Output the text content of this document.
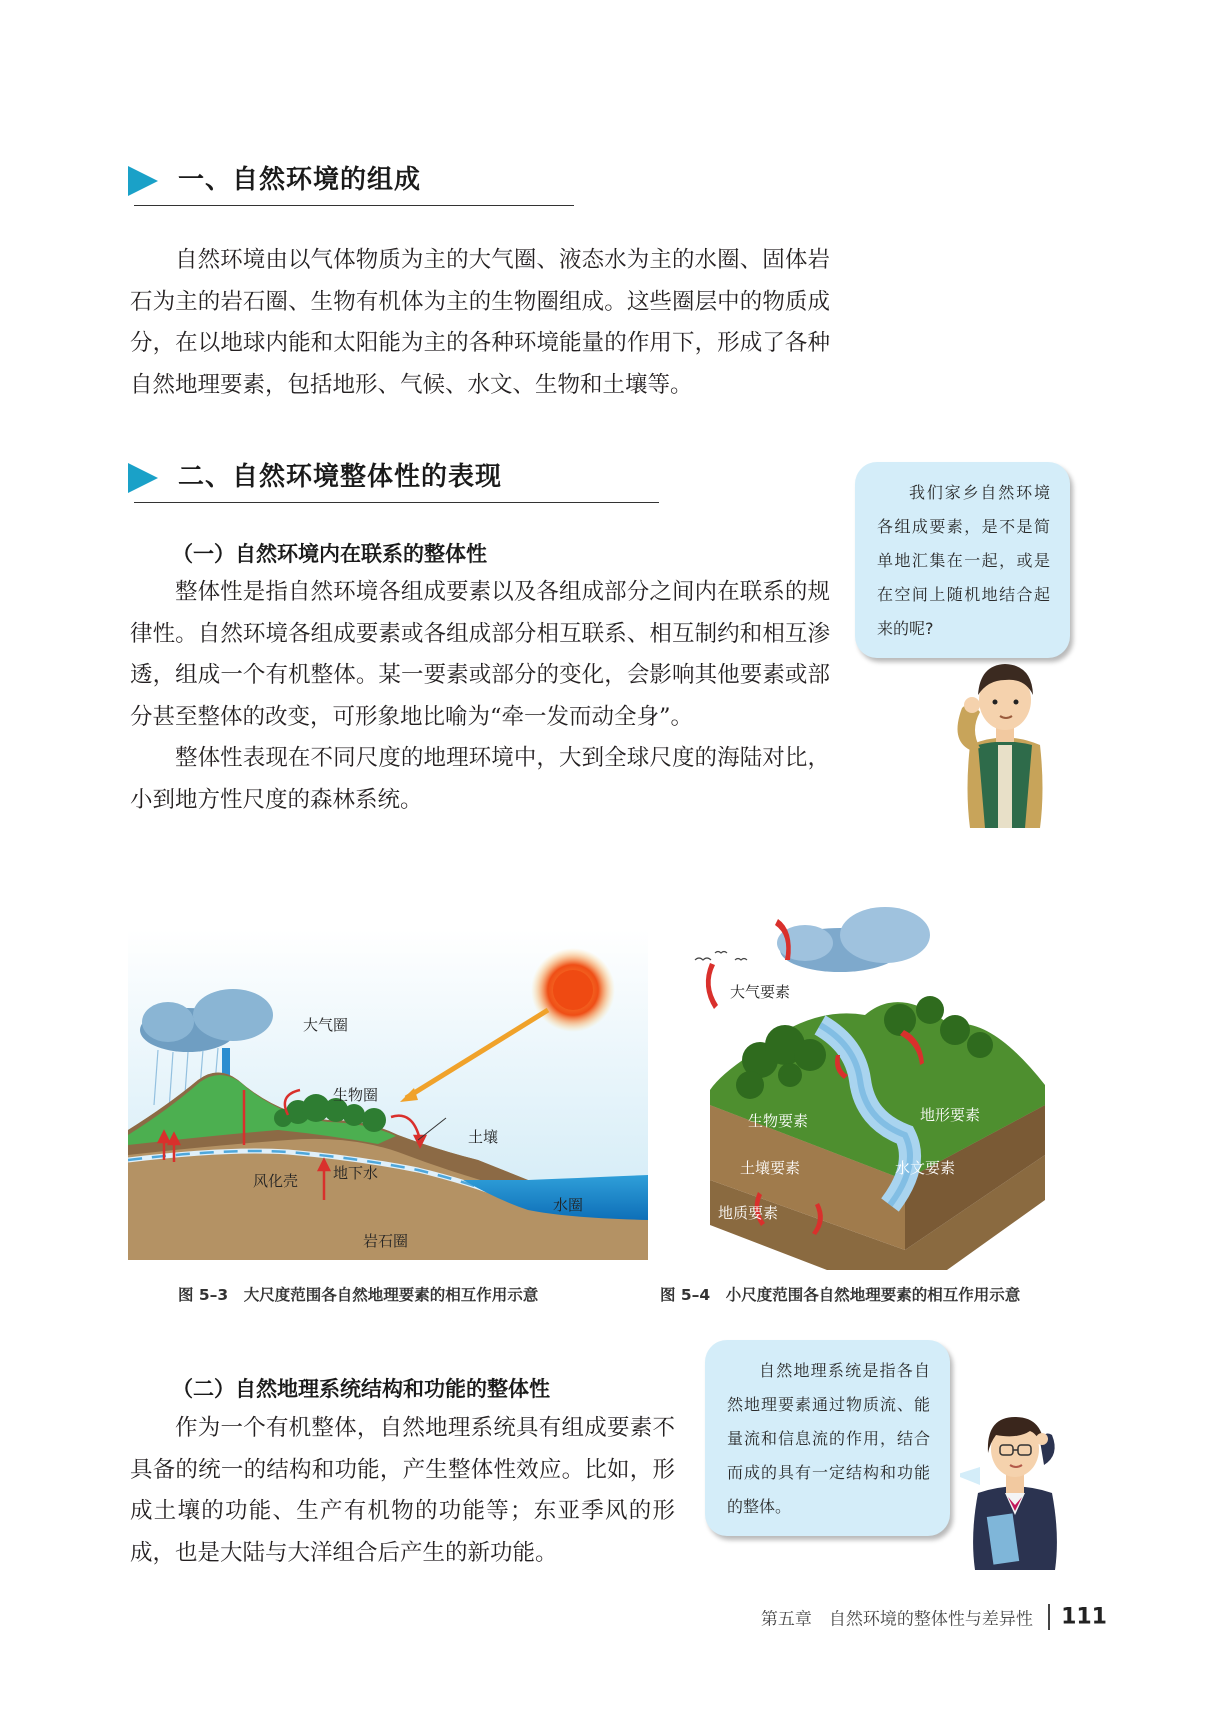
一、自然环境的组成

自然环境由以气体物质为主的大气圈、液态水为主的水圈、固体岩石为主的岩石圈、生物有机体为主的生物圈组成。这些圈层中的物质成分，在以地球内能和太阳能为主的各种环境能量的作用下，形成了各种自然地理要素，包括地形、气候、水文、生物和土壤等。

二、自然环境整体性的表现
（一）自然环境内在联系的整体性

整体性是指自然环境各组成要素以及各组成部分之间内在联系的规律性。自然环境各组成要素或各组成部分相互联系、相互制约和相互渗透，组成一个有机整体。某一要素或部分的变化，会影响其他要素或部分甚至整体的改变，可形象地比喻为“牵一发而动全身”。

整体性表现在不同尺度的地理环境中，大到全球尺度的海陆对比，小到地方性尺度的森林系统。

我们家乡自然环境各组成要素，是不是简单地汇集在一起，或是在空间上随机地结合起来的呢?
大气圈
生物圈
土壤
地下水
风化壳
水圈
岩石圈
图 5–3　大尺度范围各自然地理要素的相互作用示意
大气要素
生物要素	地形要素
土壤要素	水文要素
地质要素
图 5–4　小尺度范围各自然地理要素的相互作用示意
（二）自然地理系统结构和功能的整体性

作为一个有机整体，自然地理系统具有组成要素不具备的统一的结构和功能，产生整体性效应。比如，形成土壤的功能、生产有机物的功能等；东亚季风的形成，也是大陆与大洋组合后产生的新功能。

自然地理系统是指各自然地理要素通过物质流、能量流和信息流的作用，结合而成的具有一定结构和功能的整体。
第五章　自然环境的整体性与差异性 111
